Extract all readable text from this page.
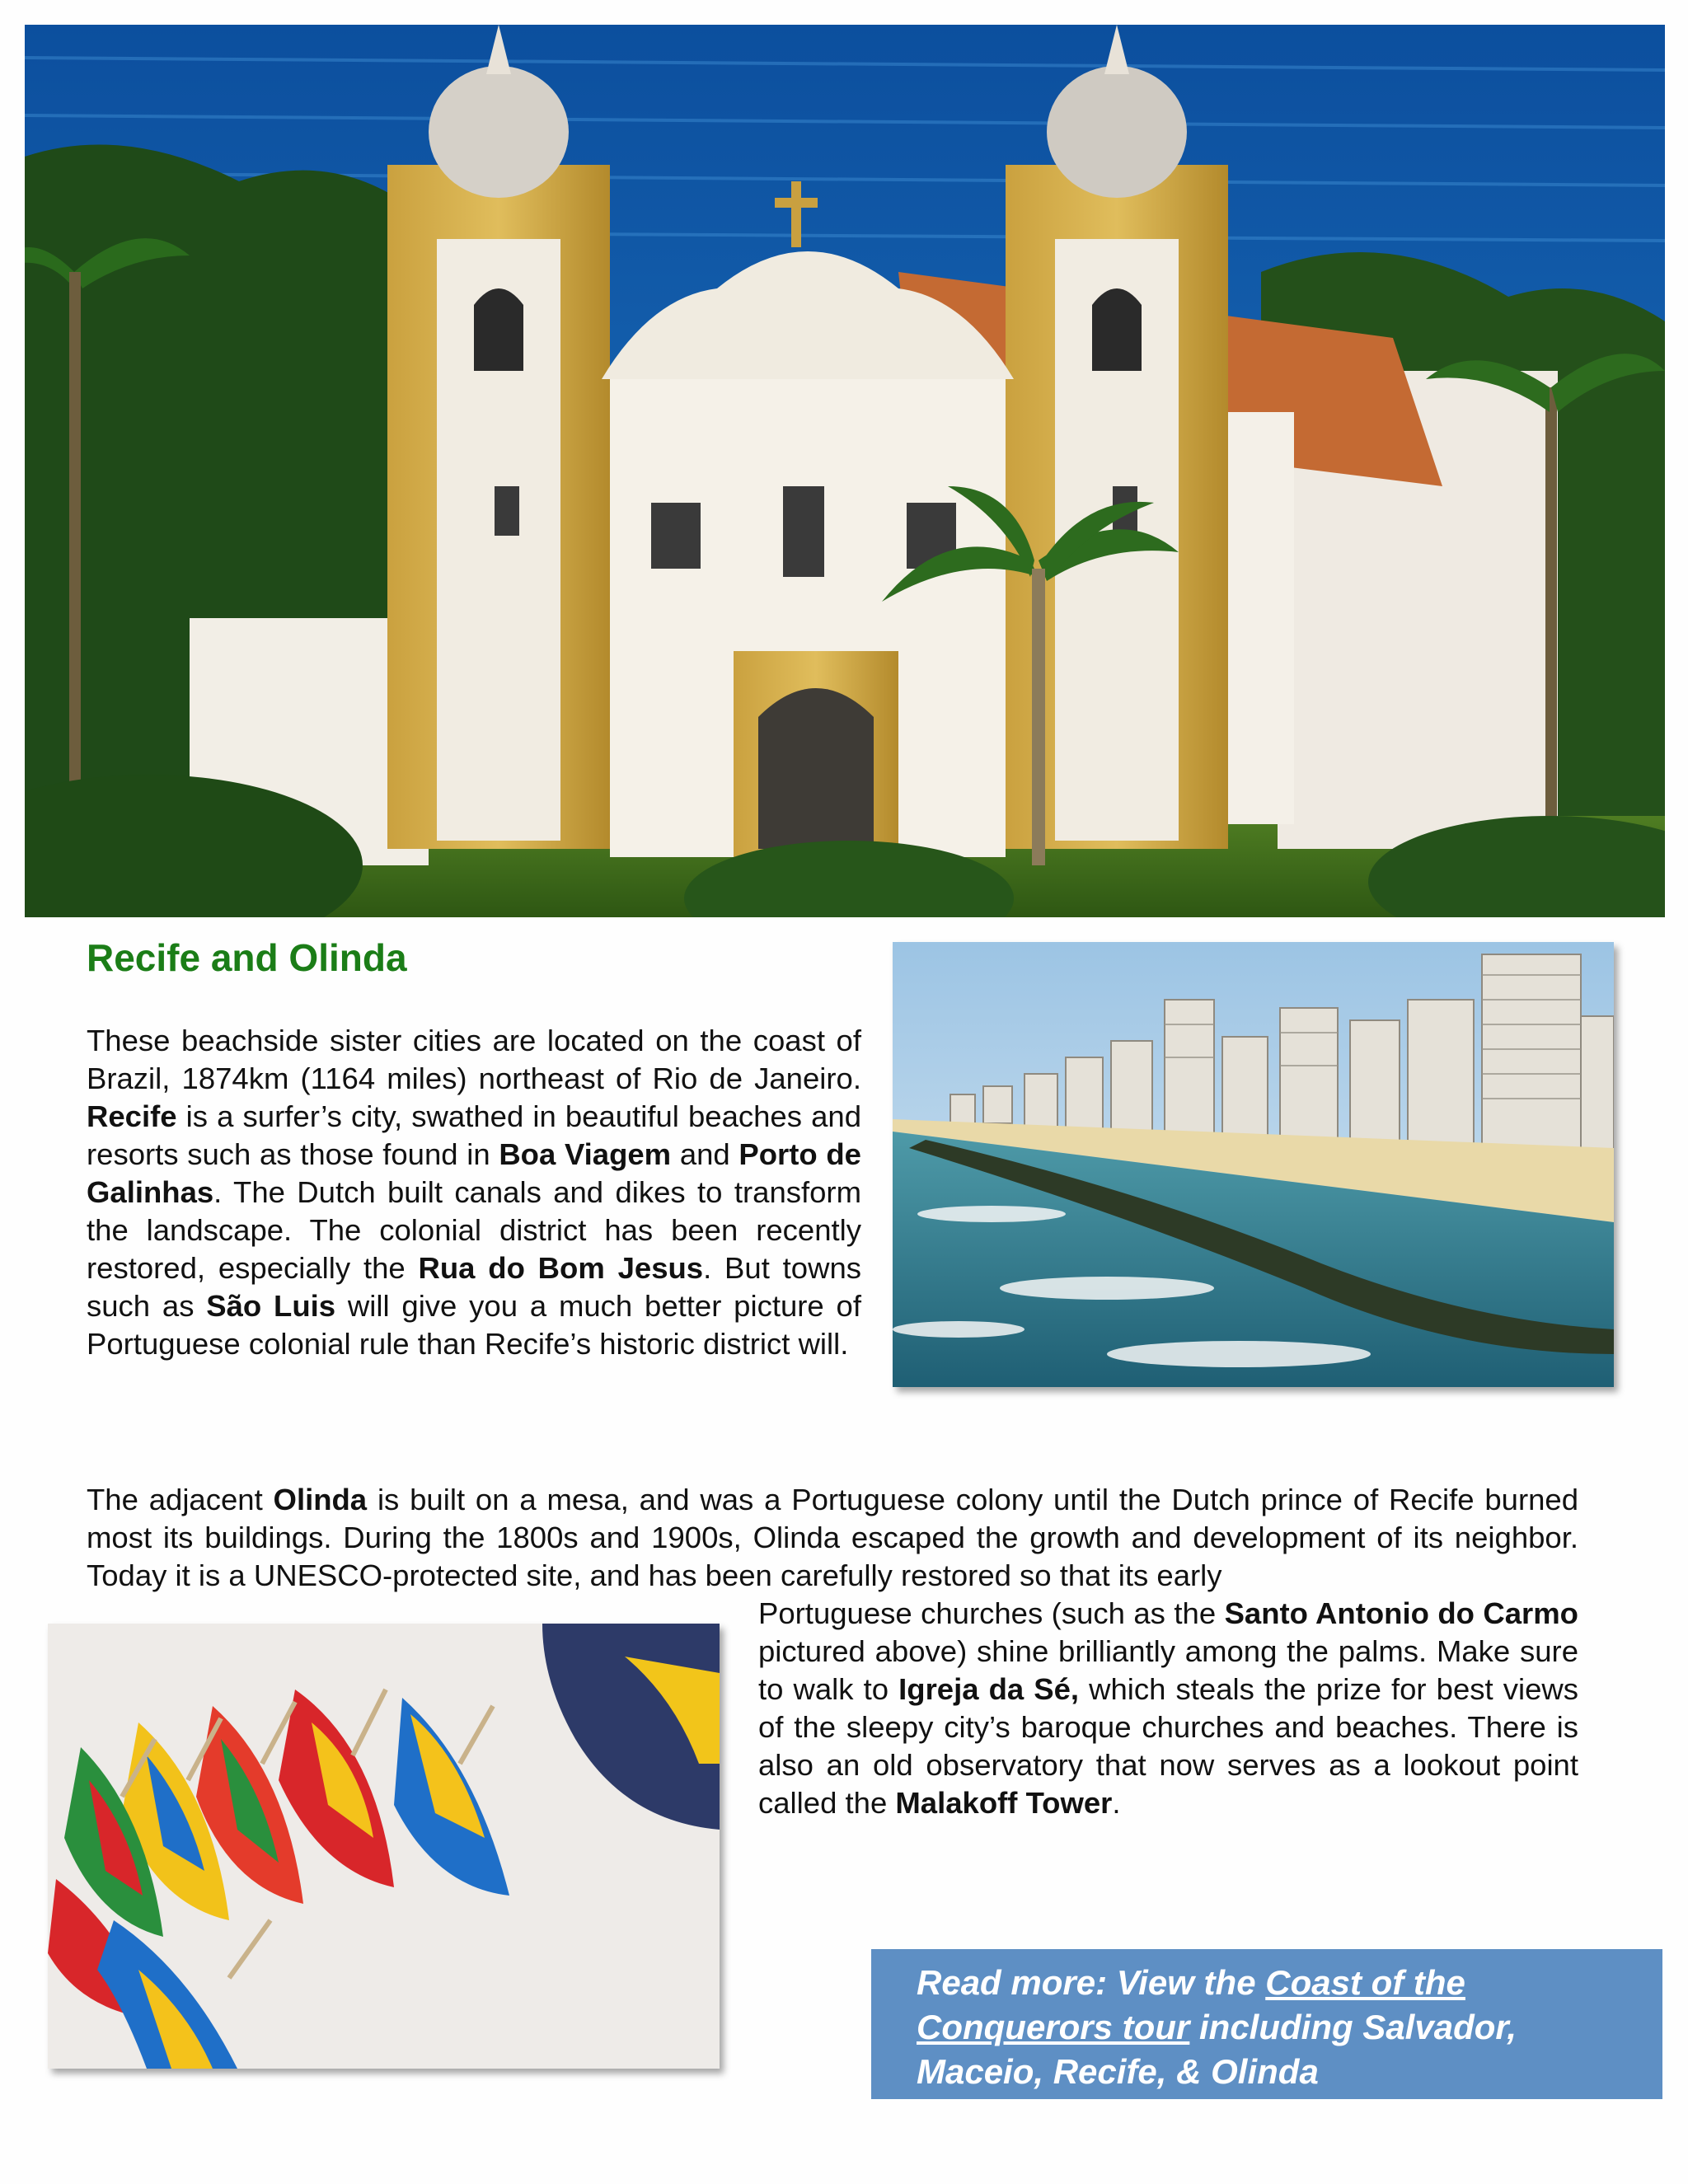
Recife and Olinda

These beachside sister cities are located on the coast of Brazil, 1874km (1164 miles) northeast of Rio de Janeiro. Recife is a surfer’s city, swathed in beautiful beaches and resorts such as those found in Boa Viagem and Porto de Galinhas. The Dutch built canals and dikes to transform the landscape. The colonial district has been recently restored, especially the Rua do Bom Jesus. But towns such as São Luis will give you a much better picture of Portuguese colonial rule than Recife’s historic district will.

The adjacent Olinda is built on a mesa, and was a Portuguese colony until the Dutch prince of Recife burned most its buildings. During the 1800s and 1900s, Olinda escaped the growth and development of its neighbor. Today it is a UNESCO-protected site, and has been carefully restored so that its early

Portuguese churches (such as the Santo Antonio do Carmo pictured above) shine brilliantly among the palms. Make sure to walk to Igreja da Sé, which steals the prize for best views of the sleepy city’s baroque churches and beaches. There is also an old observatory that now serves as a lookout point called the Malakoff Tower.

Read more: View the Coast of the Conquerors tour including Salvador, Maceio, Recife, & Olinda
